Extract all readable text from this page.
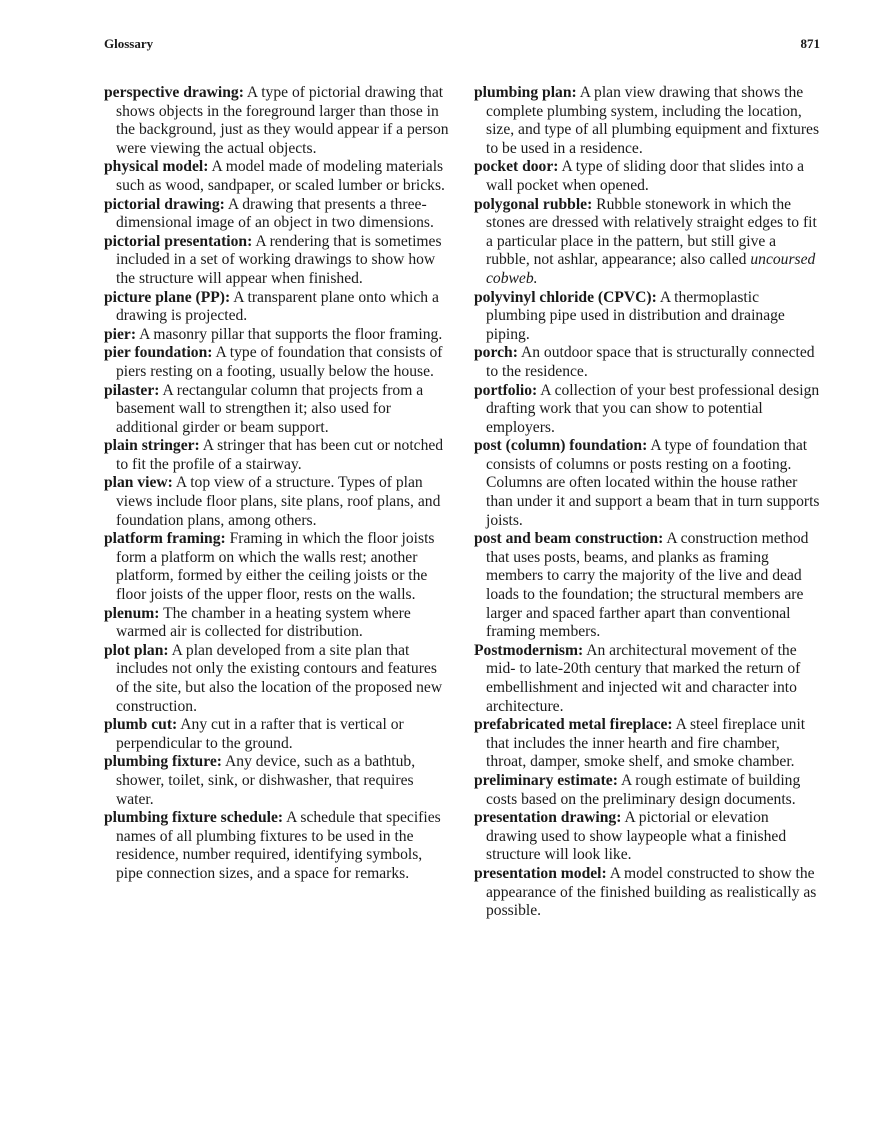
Glossary	871

perspective drawing: A type of pictorial drawing that shows objects in the foreground larger than those in the background, just as they would appear if a person were viewing the actual objects.

physical model: A model made of modeling materials such as wood, sandpaper, or scaled lumber or bricks.

pictorial drawing: A drawing that presents a three-dimensional image of an object in two dimensions.

pictorial presentation: A rendering that is sometimes included in a set of working drawings to show how the structure will appear when finished.

picture plane (PP): A transparent plane onto which a drawing is projected.

pier: A masonry pillar that supports the floor framing.

pier foundation: A type of foundation that consists of piers resting on a footing, usually below the house.

pilaster: A rectangular column that projects from a basement wall to strengthen it; also used for additional girder or beam support.

plain stringer: A stringer that has been cut or notched to fit the profile of a stairway.

plan view: A top view of a structure. Types of plan views include floor plans, site plans, roof plans, and foundation plans, among others.

platform framing: Framing in which the floor joists form a platform on which the walls rest; another platform, formed by either the ceiling joists or the floor joists of the upper floor, rests on the walls.

plenum: The chamber in a heating system where warmed air is collected for distribution.

plot plan: A plan developed from a site plan that includes not only the existing contours and features of the site, but also the location of the proposed new construction.

plumb cut: Any cut in a rafter that is vertical or perpendicular to the ground.

plumbing fixture: Any device, such as a bathtub, shower, toilet, sink, or dishwasher, that requires water.

plumbing fixture schedule: A schedule that specifies names of all plumbing fixtures to be used in the residence, number required, identifying symbols, pipe connection sizes, and a space for remarks.

plumbing plan: A plan view drawing that shows the complete plumbing system, including the location, size, and type of all plumbing equipment and fixtures to be used in a residence.

pocket door: A type of sliding door that slides into a wall pocket when opened.

polygonal rubble: Rubble stonework in which the stones are dressed with relatively straight edges to fit a particular place in the pattern, but still give a rubble, not ashlar, appearance; also called uncoursed cobweb.

polyvinyl chloride (CPVC): A thermoplastic plumbing pipe used in distribution and drainage piping.

porch: An outdoor space that is structurally connected to the residence.

portfolio: A collection of your best professional design drafting work that you can show to potential employers.

post (column) foundation: A type of foundation that consists of columns or posts resting on a footing. Columns are often located within the house rather than under it and support a beam that in turn supports joists.

post and beam construction: A construction method that uses posts, beams, and planks as framing members to carry the majority of the live and dead loads to the foundation; the structural members are larger and spaced farther apart than conventional framing members.

Postmodernism: An architectural movement of the mid- to late-20th century that marked the return of embellishment and injected wit and character into architecture.

prefabricated metal fireplace: A steel fireplace unit that includes the inner hearth and fire chamber, throat, damper, smoke shelf, and smoke chamber.

preliminary estimate: A rough estimate of building costs based on the preliminary design documents.

presentation drawing: A pictorial or elevation drawing used to show laypeople what a finished structure will look like.

presentation model: A model constructed to show the appearance of the finished building as realistically as possible.
